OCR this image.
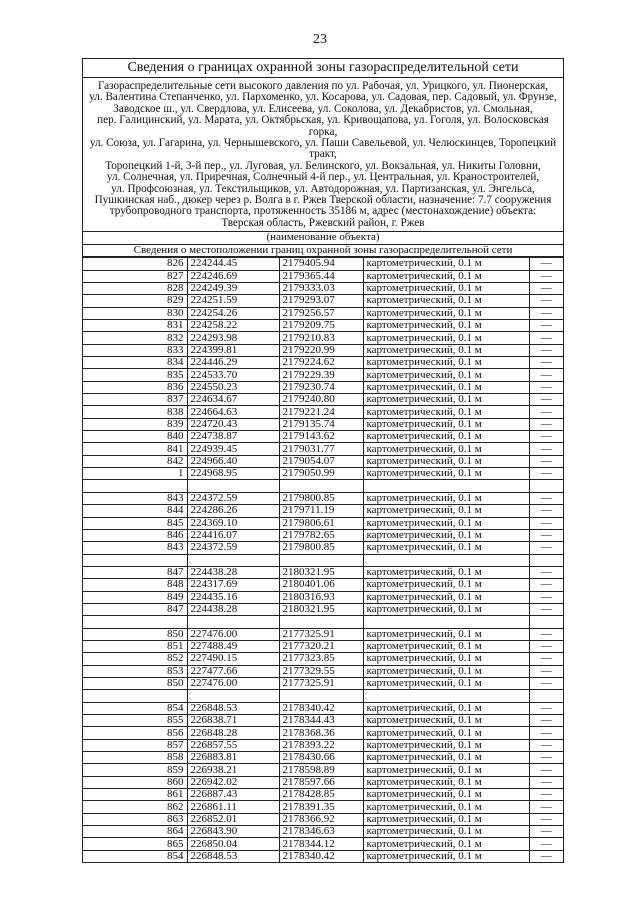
23
Сведения о границах охранной зоны газораспределительной сети
Газораспределительные сети высокого давления по ул. Рабочая, ул. Урицкого, ул. Пионерская,
ул. Валентина Степанченко, ул. Пархоменко, ул. Косарова, ул. Садовая, пер. Садовый, ул. Фрунзе,
Заводское ш., ул. Свердлова, ул. Елисеева, ул. Соколова, ул. Декабристов, ул. Смольная,
пер. Галицинский, ул. Марата, ул. Октябрьская, ул. Кривощапова, ул. Гоголя, ул. Волосковская горка,
ул. Союза, ул. Гагарина, ул. Чернышевского, ул. Паши Савельевой, ул. Челюскинцев, Торопецкий тракт,
Торопецкий 1-й, 3-й пер., ул. Луговая, ул. Белинского, ул. Вокзальная, ул. Никиты Головни,
ул. Солнечная, ул. Приречная, Солнечный 4-й пер., ул. Центральная, ул. Краностроителей,
ул. Профсоюзная, ул. Текстильщиков, ул. Автодорожная, ул. Партизанская, ул. Энгельса,
Пушкинская наб., дюкер через р. Волга в г. Ржев Тверской области, назначение: 7.7 сооружения
трубопроводного транспорта, протяженность 35186 м, адрес (местонахождение) объекта:
Тверская область, Ржевский район, г. Ржев
(наименование объекта)
Сведения о местоположении границ охранной зоны газораспределительной сети
826	224244.45	2179405.94	картометрический, 0.1 м	—
827	224246.69	2179365.44	картометрический, 0.1 м	—
828	224249.39	2179333.03	картометрический, 0.1 м	—
829	224251.59	2179293.07	картометрический, 0.1 м	—
830	224254.26	2179256.57	картометрический, 0.1 м	—
831	224258.22	2179209.75	картометрический, 0.1 м	—
832	224293.98	2179210.83	картометрический, 0.1 м	—
833	224399.81	2179220.99	картометрический, 0.1 м	—
834	224446.29	2179224.62	картометрический, 0.1 м	—
835	224533.70	2179229.39	картометрический, 0.1 м	—
836	224550.23	2179230.74	картометрический, 0.1 м	—
837	224634.67	2179240.80	картометрический, 0.1 м	—
838	224664.63	2179221.24	картометрический, 0.1 м	—
839	224720.43	2179135.74	картометрический, 0.1 м	—
840	224738.87	2179143.62	картометрический, 0.1 м	—
841	224939.45	2179031.77	картометрический, 0.1 м	—
842	224966.40	2179054.07	картометрический, 0.1 м	—
1	224968.95	2179050.99	картометрический, 0.1 м	—

843	224372.59	2179800.85	картометрический, 0.1 м	—
844	224286.26	2179711.19	картометрический, 0.1 м	—
845	224369.10	2179806.61	картометрический, 0.1 м	—
846	224416.07	2179782.65	картометрический, 0.1 м	—
843	224372.59	2179800.85	картометрический, 0.1 м	—

847	224438.28	2180321.95	картометрический, 0.1 м	—
848	224317.69	2180401.06	картометрический, 0.1 м	—
849	224435.16	2180316.93	картометрический, 0.1 м	—
847	224438.28	2180321.95	картометрический, 0.1 м	—

850	227476.00	2177325.91	картометрический, 0.1 м	—
851	227488.49	2177320.21	картометрический, 0.1 м	—
852	227490.15	2177323.85	картометрический, 0.1 м	—
853	227477.66	2177329.55	картометрический, 0.1 м	—
850	227476.00	2177325.91	картометрический, 0.1 м	—

854	226848.53	2178340.42	картометрический, 0.1 м	—
855	226838.71	2178344.43	картометрический, 0.1 м	—
856	226848.28	2178368.36	картометрический, 0.1 м	—
857	226857.55	2178393.22	картометрический, 0.1 м	—
858	226883.81	2178430.66	картометрический, 0.1 м	—
859	226938.21	2178598.89	картометрический, 0.1 м	—
860	226942.02	2178597.66	картометрический, 0.1 м	—
861	226887.43	2178428.85	картометрический, 0.1 м	—
862	226861.11	2178391.35	картометрический, 0.1 м	—
863	226852.01	2178366.92	картометрический, 0.1 м	—
864	226843.90	2178346.63	картометрический, 0.1 м	—
865	226850.04	2178344.12	картометрический, 0.1 м	—
854	226848.53	2178340.42	картометрический, 0.1 м	—
